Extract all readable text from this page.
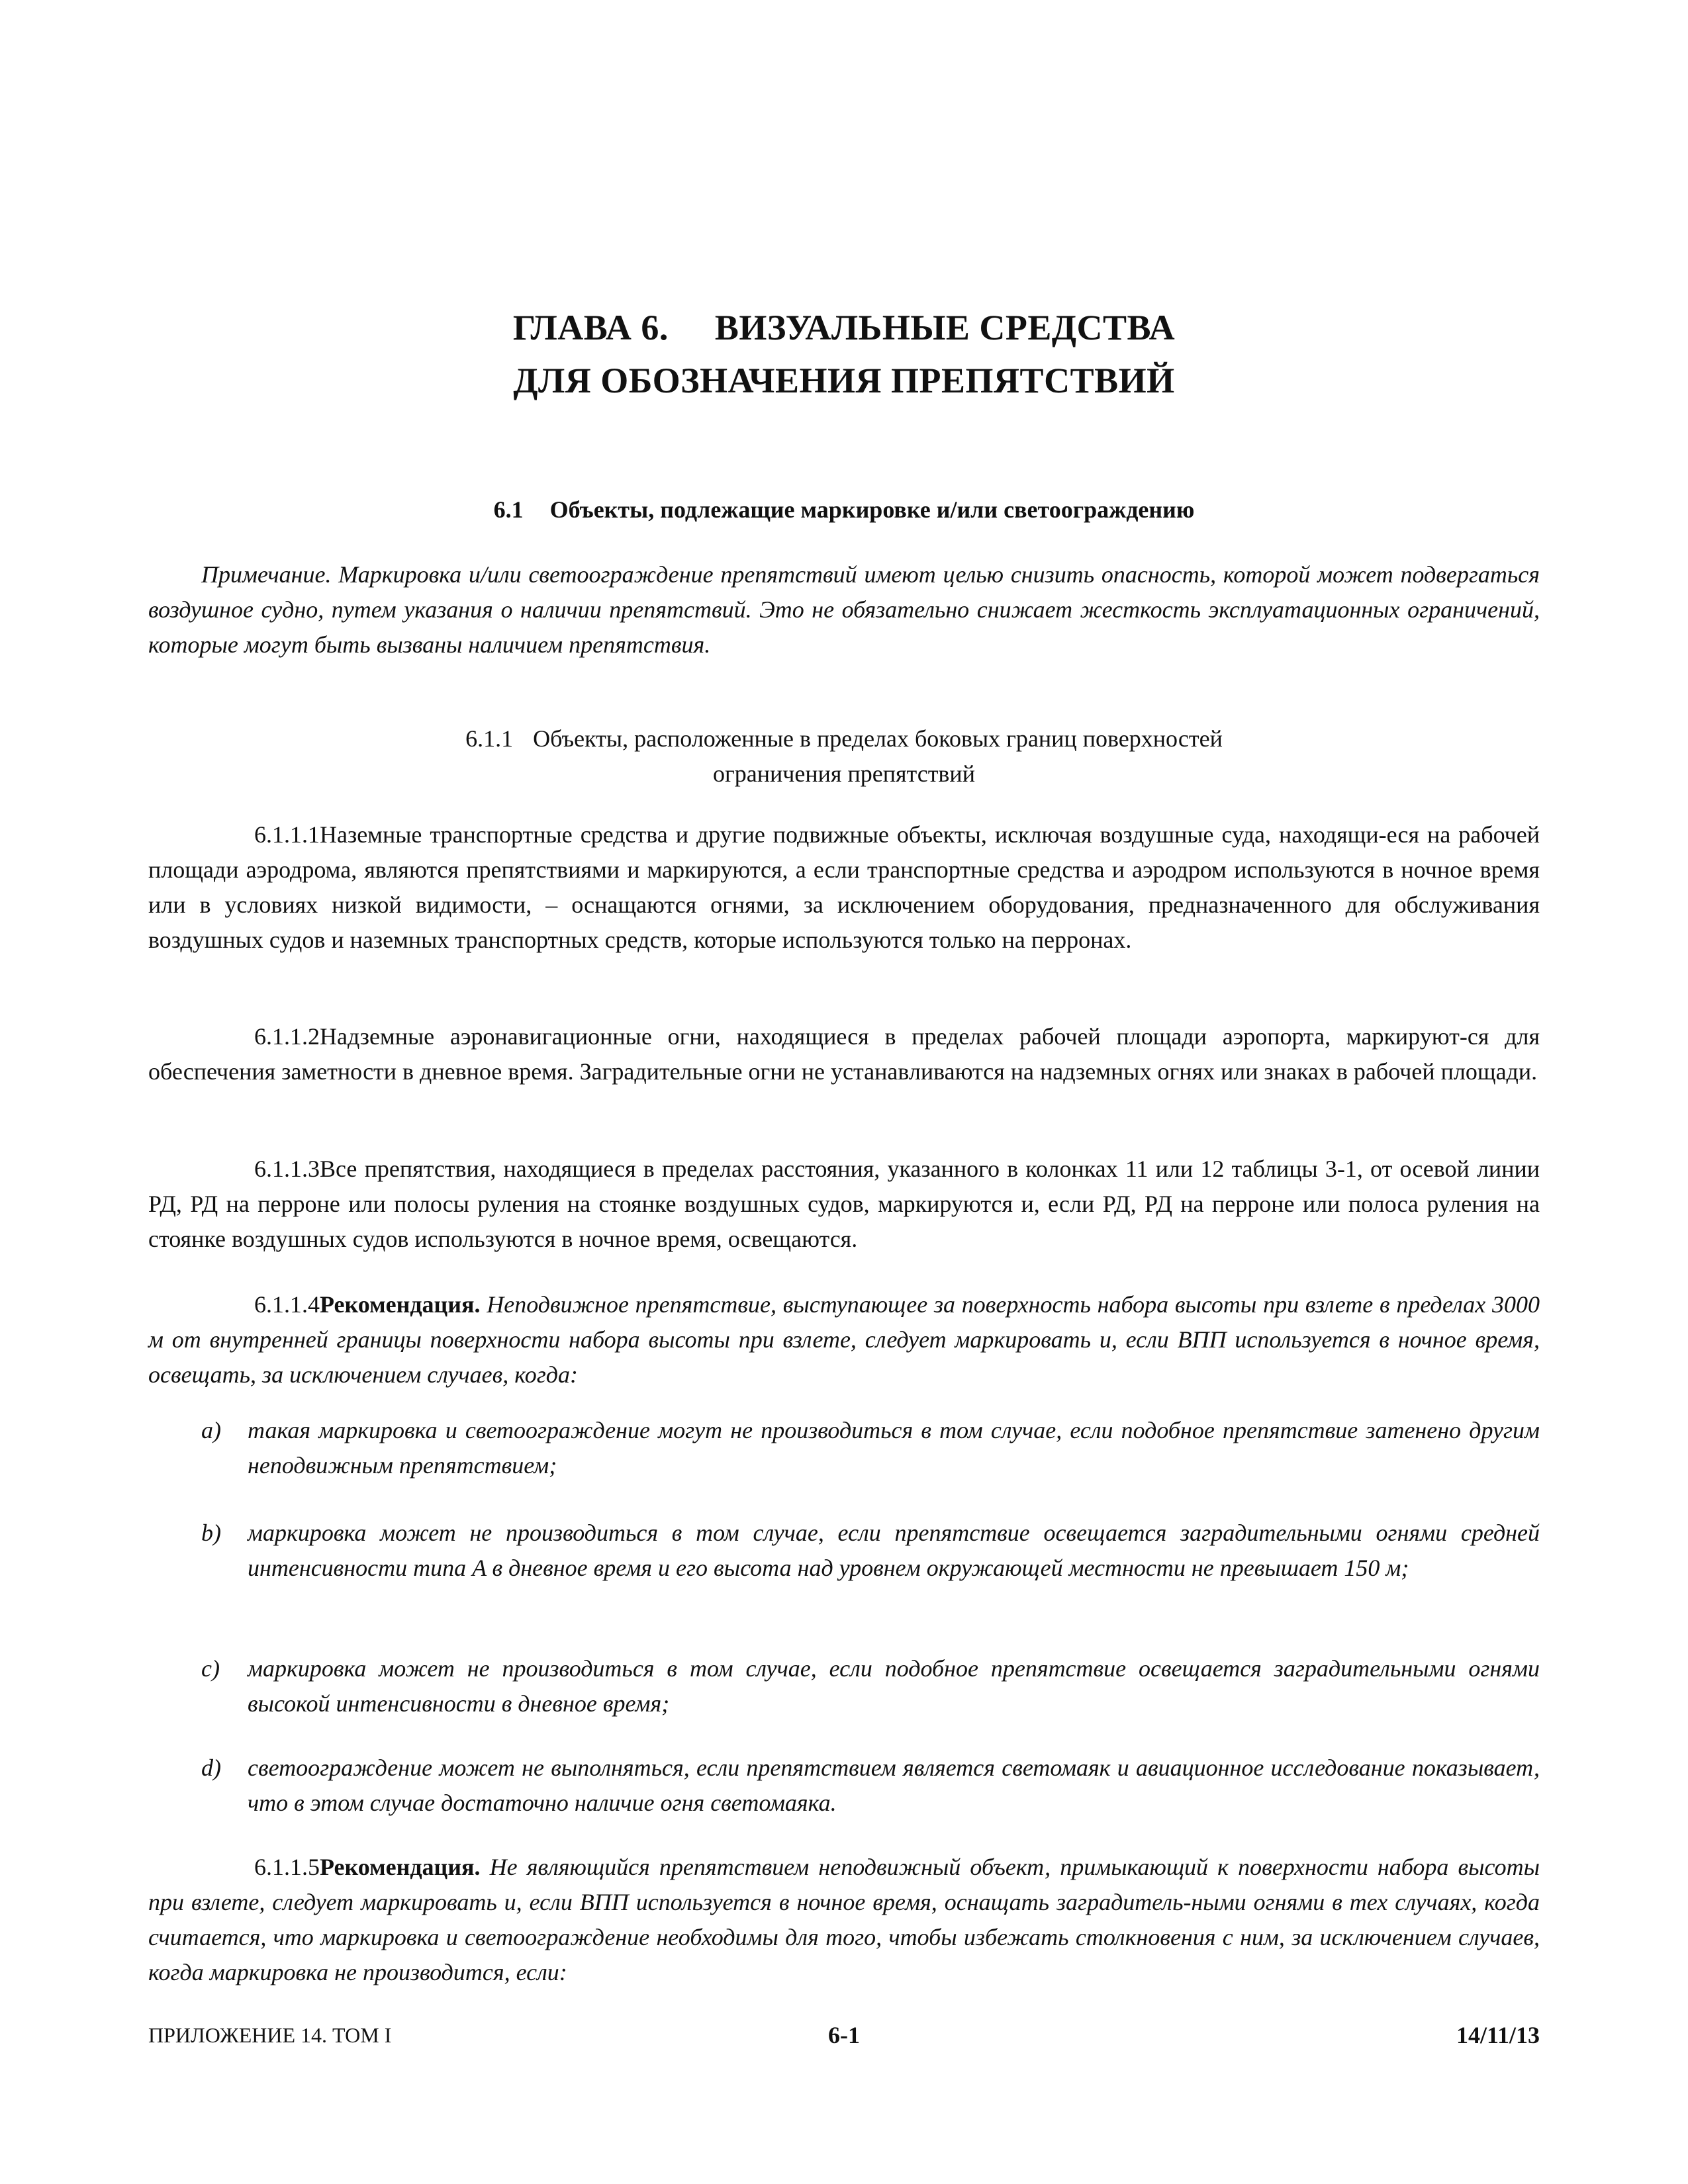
ГЛАВА 6. ВИЗУАЛЬНЫЕ СРЕДСТВА
ДЛЯ ОБОЗНАЧЕНИЯ ПРЕПЯТСТВИЙ
6.1 Объекты, подлежащие маркировке и/или светоограждению
Примечание. Маркировка и/или светоограждение препятствий имеют целью снизить опасность, которой может подвергаться воздушное судно, путем указания о наличии препятствий. Это не обязательно снижает жесткость эксплуатационных ограничений, которые могут быть вызваны наличием препятствия.
6.1.1 Объекты, расположенные в пределах боковых границ поверхностей
ограничения препятствий
6.1.1.1Наземные транспортные средства и другие подвижные объекты, исключая воздушные суда, находящи-еся на рабочей площади аэродрома, являются препятствиями и маркируются, а если транспортные средства и аэродром используются в ночное время или в условиях низкой видимости, – оснащаются огнями, за исключением оборудования, предназначенного для обслуживания воздушных судов и наземных транспортных средств, которые используются только на перронах.
6.1.1.2Надземные аэронавигационные огни, находящиеся в пределах рабочей площади аэропорта, маркируют-ся для обеспечения заметности в дневное время. Заградительные огни не устанавливаются на надземных огнях или знаках в рабочей площади.
6.1.1.3Все препятствия, находящиеся в пределах расстояния, указанного в колонках 11 или 12 таблицы 3-1, от осевой линии РД, РД на перроне или полосы руления на стоянке воздушных судов, маркируются и, если РД, РД на перроне или полоса руления на стоянке воздушных судов используются в ночное время, освещаются.
6.1.1.4Рекомендация. Неподвижное препятствие, выступающее за поверхность набора высоты при взлете в пределах 3000 м от внутренней границы поверхности набора высоты при взлете, следует маркировать и, если ВПП используется в ночное время, освещать, за исключением случаев, когда:
a)	такая маркировка и светоограждение могут не производиться в том случае, если подобное препятствие затенено другим неподвижным препятствием;
b)	маркировка может не производиться в том случае, если препятствие освещается заградительными огнями средней интенсивности типа A в дневное время и его высота над уровнем окружающей местности не превышает 150 м;
c)	маркировка может не производиться в том случае, если подобное препятствие освещается заградительными огнями высокой интенсивности в дневное время;
d)	светоограждение может не выполняться, если препятствием является светомаяк и авиационное исследование показывает, что в этом случае достаточно наличие огня светомаяка.
6.1.1.5Рекомендация. Не являющийся препятствием неподвижный объект, примыкающий к поверхности набора высоты при взлете, следует маркировать и, если ВПП используется в ночное время, оснащать заградитель-ными огнями в тех случаях, когда считается, что маркировка и светоограждение необходимы для того, чтобы избежать столкновения с ним, за исключением случаев, когда маркировка не производится, если:
6-1
ПРИЛОЖЕНИЕ 14. ТОМ I	14/11/13
